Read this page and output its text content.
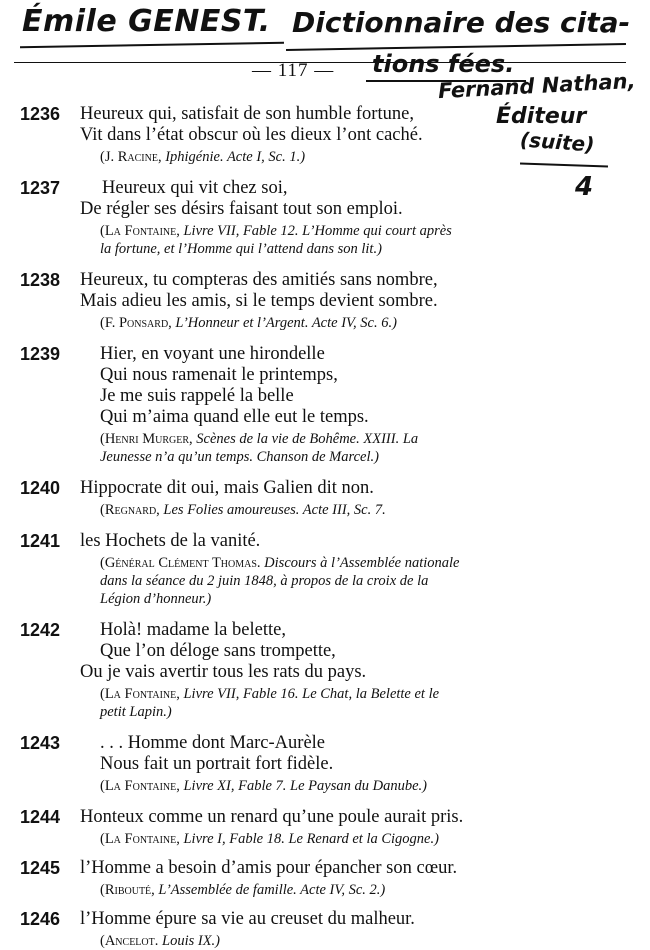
Émile GENEST. Dictionnaire des cita-
— 117 — tions fées.
Fernand Nathan,
Éditeur
(suite)
4
1236 Heureux qui, satisfait de son humble fortune,
Vit dans l’état obscur où les dieux l’ont caché.
(J. Racine, Iphigénie. Acte I, Sc. 1.)
1237	Heureux qui vit chez soi,
De régler ses désirs faisant tout son emploi.
(La Fontaine, Livre VII, Fable 12. L’Homme qui court après
la fortune, et l’Homme qui l’attend dans son lit.)
1238 Heureux, tu compteras des amitiés sans nombre,
Mais adieu les amis, si le temps devient sombre.
(F. Ponsard, L’Honneur et l’Argent. Acte IV, Sc. 6.)
1239	Hier, en voyant une hirondelle
Qui nous ramenait le printemps,
Je me suis rappelé la belle
Qui m’aima quand elle eut le temps.
(Henri Murger, Scènes de la vie de Bohême. XXIII. La
Jeunesse n’a qu’un temps. Chanson de Marcel.)
1240 Hippocrate dit oui, mais Galien dit non.
(Regnard, Les Folies amoureuses. Acte III, Sc. 7.
1241 les Hochets de la vanité.
(Général Clément Thomas. Discours à l’Assemblée nationale
dans la séance du 2 juin 1848, à propos de la croix de la
Légion d’honneur.)
1242	Holà! madame la belette,
Que l’on déloge sans trompette,
Ou je vais avertir tous les rats du pays.
(La Fontaine, Livre VII, Fable 16. Le Chat, la Belette et le
petit Lapin.)
1243	. . . Homme dont Marc-Aurèle
Nous fait un portrait fort fidèle.
(La Fontaine, Livre XI, Fable 7. Le Paysan du Danube.)
1244 Honteux comme un renard qu’une poule aurait pris.
(La Fontaine, Livre I, Fable 18. Le Renard et la Cigogne.)
1245 l’Homme a besoin d’amis pour épancher son cœur.
(Ribouté, L’Assemblée de famille. Acte IV, Sc. 2.)
1246 l’Homme épure sa vie au creuset du malheur.
(Ancelot. Louis IX.)
